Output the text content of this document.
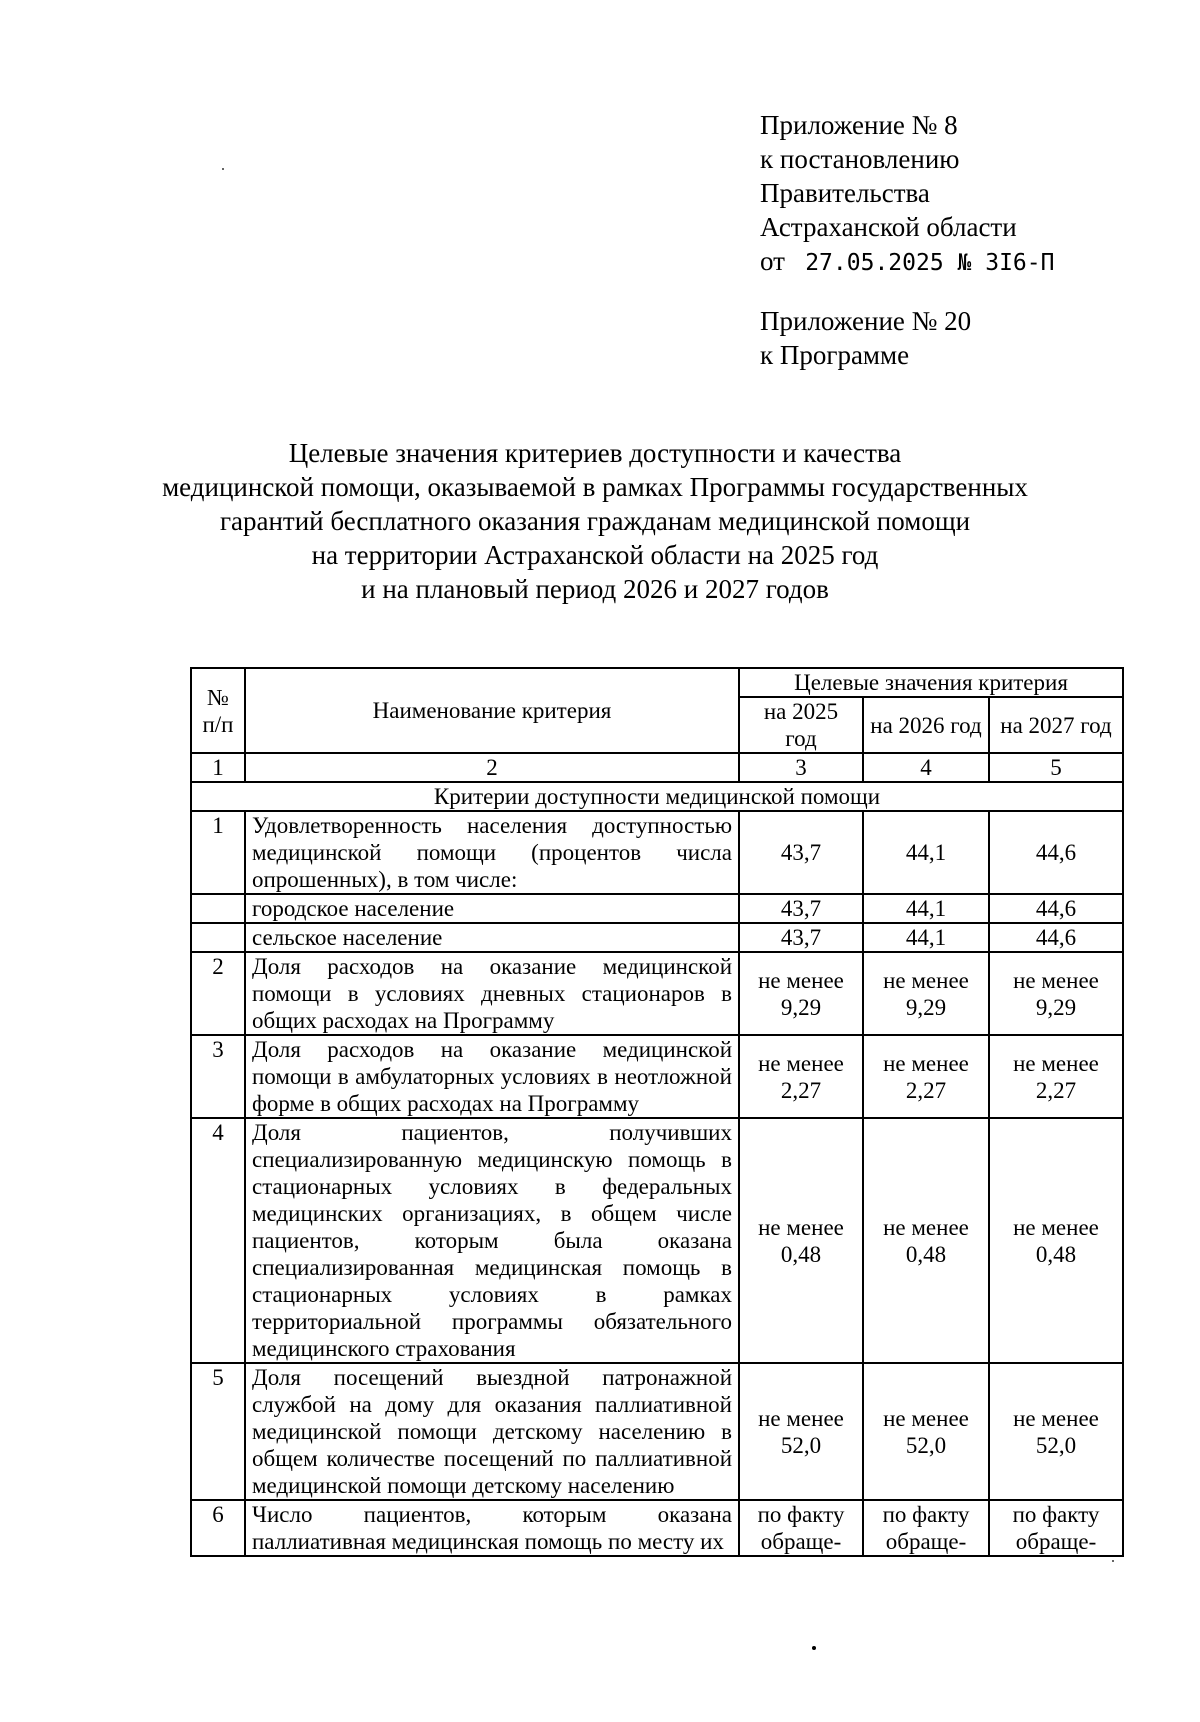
Приложение № 8
к постановлению
Правительства
Астраханской области
от 27.05.2025 № 3I6-П
Приложение № 20
к Программе
Целевые значения критериев доступности и качества
медицинской помощи, оказываемой в рамках Программы государственных
гарантий бесплатного оказания гражданам медицинской помощи
на территории Астраханской области на 2025 год
и на плановый период 2026 и 2027 годов
№ п/п	Наименование критерия	Целевые значения критерия		
		на 2025 год	на 2026 год	на 2027 год
1	2	3	4	5
Критерии доступности медицинской помощи				
1	Удовлетворенность населения доступностью медицинской помощи (процентов числа опрошенных), в том числе:	43,7	44,1	44,6
	городское население	43,7	44,1	44,6
	сельское население	43,7	44,1	44,6
2	Доля расходов на оказание медицинской помощи в условиях дневных стационаров в общих расходах на Программу	не менее 9,29	не менее 9,29	не менее 9,29
3	Доля расходов на оказание медицинской помощи в амбулаторных условиях в неотложной форме в общих расходах на Программу	не менее 2,27	не менее 2,27	не менее 2,27
4	Доля пациентов, получивших специализированную медицинскую помощь в стационарных условиях в федеральных медицинских организациях, в общем числе пациентов, которым была оказана специализированная медицинская помощь в стационарных условиях в рамках территориальной программы обязательного медицинского страхования	не менее 0,48	не менее 0,48	не менее 0,48
5	Доля посещений выездной патронажной службой на дому для оказания паллиативной медицинской помощи детскому населению в общем количестве посещений по паллиативной медицинской помощи детскому населению	не менее 52,0	не менее 52,0	не менее 52,0
6	Число пациентов, которым оказана паллиативная медицинская помощь по месту их	по факту обраще-	по факту обраще-	по факту обраще-
